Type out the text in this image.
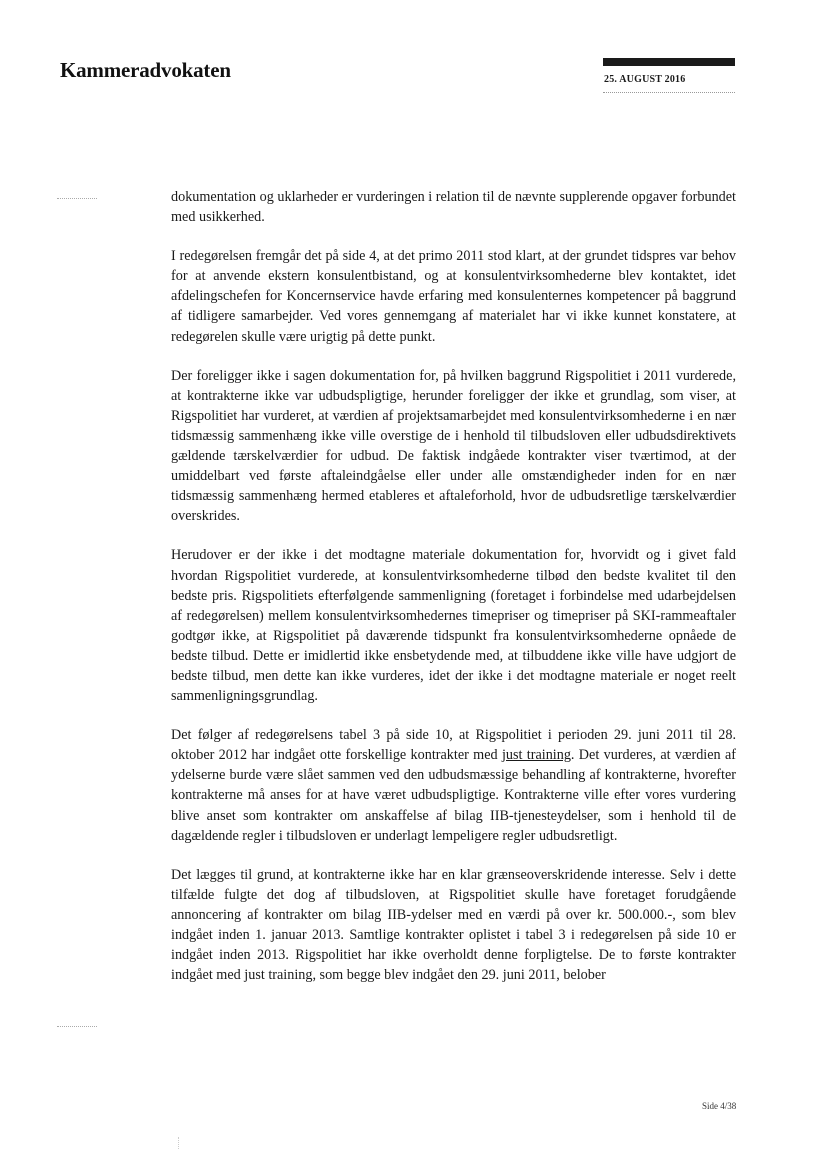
Kammeradvokaten	25. AUGUST 2016

dokumentation og uklarheder er vurderingen i relation til de nævnte supplerende opgaver forbundet med usikkerhed.

I redegørelsen fremgår det på side 4, at det primo 2011 stod klart, at der grundet tidspres var behov for at anvende ekstern konsulentbistand, og at konsulentvirksomhederne blev kontaktet, idet afdelingschefen for Koncernservice havde erfaring med konsulenternes kompetencer på baggrund af tidligere samarbejder. Ved vores gennemgang af materialet har vi ikke kunnet konstatere, at redegørelen skulle være urigtig på dette punkt.

Der foreligger ikke i sagen dokumentation for, på hvilken baggrund Rigspolitiet i 2011 vurderede, at kontrakterne ikke var udbudspligtige, herunder foreligger der ikke et grundlag, som viser, at Rigspolitiet har vurderet, at værdien af projektsamarbejdet med konsulentvirksomhederne i en nær tidsmæssig sammenhæng ikke ville overstige de i henhold til tilbudsloven eller udbudsdirektivets gældende tærskelværdier for udbud. De faktisk indgåede kontrakter viser tværtimod, at der umiddelbart ved første aftaleindgåelse eller under alle omstændigheder inden for en nær tidsmæssig sammenhæng hermed etableres et aftaleforhold, hvor de udbudsretlige tærskelværdier overskrides.

Herudover er der ikke i det modtagne materiale dokumentation for, hvorvidt og i givet fald hvordan Rigspolitiet vurderede, at konsulentvirksomhederne tilbød den bedste kvalitet til den bedste pris. Rigspolitiets efterfølgende sammenligning (foretaget i forbindelse med udarbejdelsen af redegørelsen) mellem konsulentvirksomhedernes timepriser og timepriser på SKI-rammeaftaler godtgør ikke, at Rigspolitiet på daværende tidspunkt fra konsulentvirksomhederne opnåede de bedste tilbud. Dette er imidlertid ikke ensbetydende med, at tilbuddene ikke ville have udgjort de bedste tilbud, men dette kan ikke vurderes, idet der ikke i det modtagne materiale er noget reelt sammenligningsgrundlag.

Det følger af redegørelsens tabel 3 på side 10, at Rigspolitiet i perioden 29. juni 2011 til 28. oktober 2012 har indgået otte forskellige kontrakter med just training. Det vurderes, at værdien af ydelserne burde være slået sammen ved den udbudsmæssige behandling af kontrakterne, hvorefter kontrakterne må anses for at have været udbudspligtige. Kontrakterne ville efter vores vurdering blive anset som kontrakter om anskaffelse af bilag IIB-tjenesteydelser, som i henhold til de dagældende regler i tilbudsloven er underlagt lempeligere regler udbudsretligt.

Det lægges til grund, at kontrakterne ikke har en klar grænseoverskridende interesse. Selv i dette tilfælde fulgte det dog af tilbudsloven, at Rigspolitiet skulle have foretaget forudgående annoncering af kontrakter om bilag IIB-ydelser med en værdi på over kr. 500.000.-, som blev indgået inden 1. januar 2013. Samtlige kontrakter oplistet i tabel 3 i redegørelsen på side 10 er indgået inden 2013. Rigspolitiet har ikke overholdt denne forpligtelse. De to første kontrakter indgået med just training, som begge blev indgået den 29. juni 2011, belober

Side 4/38
